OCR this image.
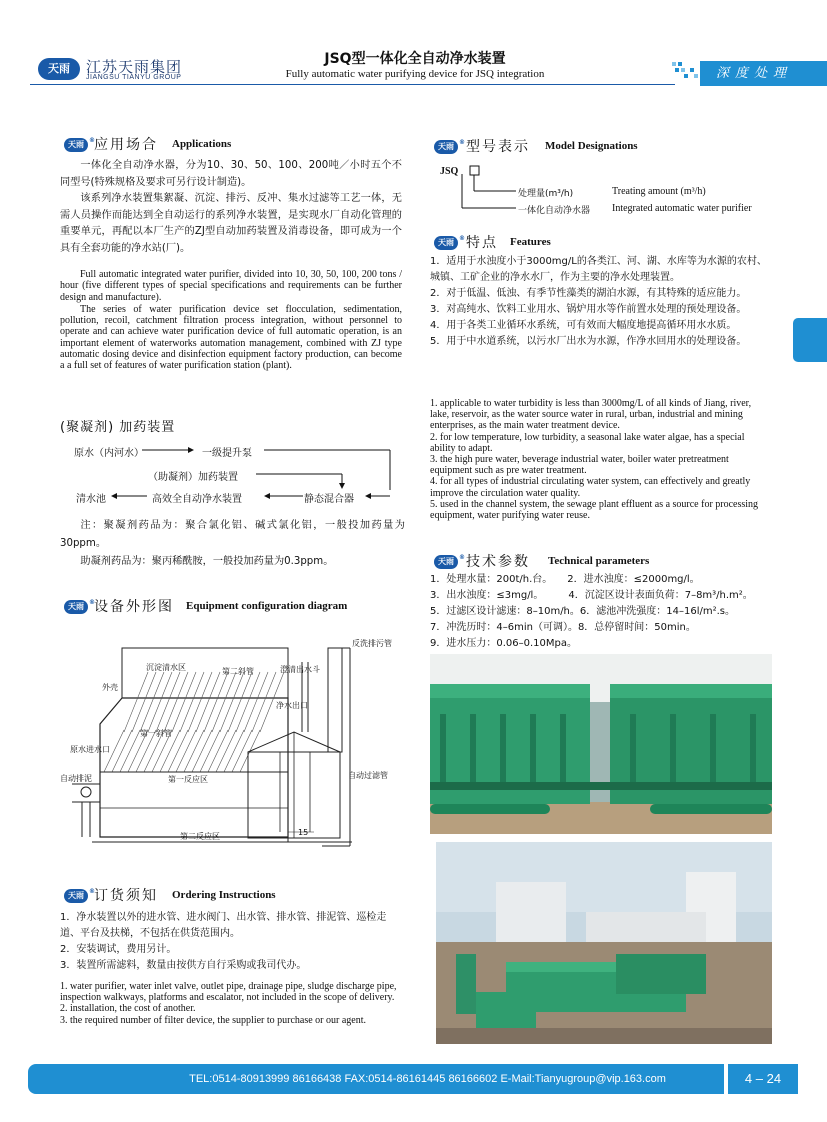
天雨	江苏天雨集团
JIANGSU TIANYU GROUP
JSQ型一体化全自动净水装置
Fully automatic water purifying device for JSQ integration	深度处理
天雨 ® 应用场合 Applications

一体化全自动净水器，分为10、30、50、100、200吨／小时五个不同型号(特殊规格及要求可另行设计制造)。

该系列净水装置集絮凝、沉淀、排污、反冲、集水过滤等工艺一体，无需人员操作而能达到全自动运行的系列净水装置，是实现水厂自动化管理的重要单元，再配以本厂生产的ZJ型自动加药装置及消毒设备，即可成为一个具有全套功能的净水站(厂)。

Full automatic integrated water purifier, divided into 10, 30, 50, 100, 200 tons / hour (five different types of special specifications and requirements can be further design and manufacture).

The series of water purification device set flocculation, sedimentation, pollution, recoil, catchment filtration process integration, without personnel to operate and can achieve water purification device of full automatic operation, is an important element of waterworks automation management, combined with ZJ type automatic dosing device and disinfection equipment factory production, can become a a full set of features of water purification station (plant).

(聚凝剂) 加药装置
原水（内河水）	一级提升泵
（助凝剂）加药装置
清水池	高效全自动净水装置	静态混合器

注：聚凝剂药品为：聚合氯化铝、碱式氯化铝，一般投加药量为30ppm。

助凝剂药品为：聚丙稀酰胺，一般投加药量为0.3ppm。

天雨 ® 设备外形图 Equipment configuration diagram
反洗排污管
沉淀清水区	第二斜管	澄清出水斗
外壳
净水出口
第一斜管
原水进水口
自动排泥	第一反应区	自动过滤管
第二反应区	15
天雨 ® 订货须知 Ordering Instructions

1．净水装置以外的进水管、进水阀门、出水管、排水管、排泥管、巡检走道、平台及扶梯，不包括在供货范围内。

2．安装调试，费用另计。

3．装置所需滤料，数量由按供方自行采购或我司代办。

1. water purifier, water inlet valve, outlet pipe, drainage pipe, sludge discharge pipe, inspection walkways, platforms and escalator, not included in the scope of delivery.

2. installation, the cost of another.

3. the required number of filter device, the supplier to purchase or our agent.

天雨 ® 型号表示 Model Designations
JSQ
处理量(m³/h)	Treating amount (m³/h)
一体化自动净水器 Integrated automatic water purifier
天雨 ® 特点 Features

1．适用于水浊度小于3000mg/L的各类江、河、湖、水库等为水源的农村、城镇、工矿企业的净水水厂，作为主要的净水处理装置。

2．对于低温、低浊、有季节性藻类的湖泊水源，有其特殊的适应能力。

3．对高纯水、饮料工业用水、锅炉用水等作前置水处理的预处理设备。

4．用于各类工业循环水系统，可有效而大幅度地提高循环用水水质。

5．用于中水道系统，以污水厂出水为水源，作净水回用水的处理设备。

1. applicable to water turbidity is less than 3000mg/L of all kinds of Jiang, river, lake, reservoir, as the water source water in rural, urban, industrial and mining enterprises, as the main water treatment device.

2. for low temperature, low turbidity, a seasonal lake water algae, has a special ability to adapt.

3. the high pure water, beverage industrial water, boiler water pretreatment equipment such as pre water treatment.

4. for all types of industrial circulating water system, can effectively and greatly improve the circulation water quality.

5. used in the channel system, the sewage plant effluent as a source for processing equipment, water purifying water reuse.

天雨 ® 技术参数 Technical parameters

1．处理水量：200t/h.台。　　2．进水浊度：≤2000mg/l。

3．出水浊度：≤3mg/l。　　　4．沉淀区设计表面负荷：7–8m³/h.m²。

5．过滤区设计滤速：8–10m/h。6．滤池冲洗强度：14–16l/m².s。

7．冲洗历时：4–6min（可调）。8．总停留时间：50min。

9．进水压力：0.06–0.10Mpa。

TEL:0514-80913999 86166438 FAX:0514-86161445 86166602 E-Mail:Tianyugroup@vip.163.com	4 – 24
